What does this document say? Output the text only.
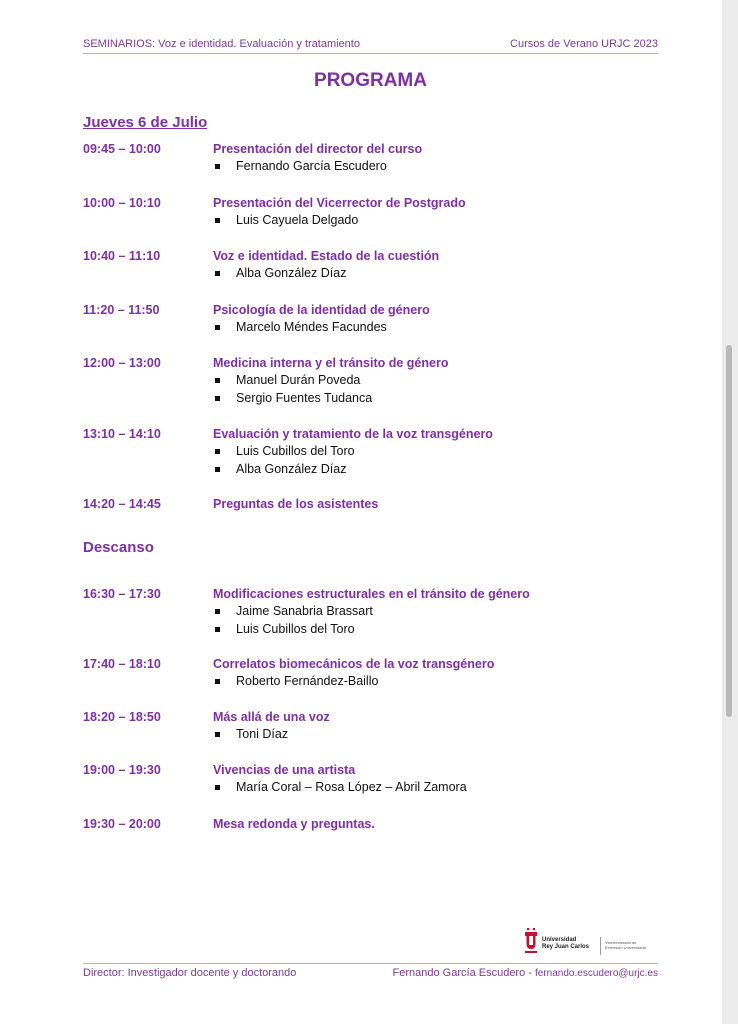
SEMINARIOS: Voz e identidad. Evaluación y tratamiento	Cursos de Verano URJC 2023
PROGRAMA
Jueves 6 de Julio
09:45 – 10:00	Presentación del director del curso
Fernando García Escudero
10:00 – 10:10	Presentación del Vicerrector de Postgrado
Luis Cayuela Delgado
10:40 – 11:10	Voz e identidad. Estado de la cuestión
Alba González Díaz
11:20 – 11:50	Psicología de la identidad de género
Marcelo Méndes Facundes
12:00 – 13:00	Medicina interna y el tránsito de género
Manuel Durán Poveda
Sergio Fuentes Tudanca
13:10 – 14:10	Evaluación y tratamiento de la voz transgénero
Luis Cubillos del Toro
Alba González Díaz
14:20 – 14:45	Preguntas de los asistentes
Descanso
16:30 – 17:30	Modificaciones estructurales en el tránsito de género
Jaime Sanabria Brassart
Luis Cubillos del Toro
17:40 – 18:10	Correlatos biomecánicos de la voz transgénero
Roberto Fernández-Baillo
18:20 – 18:50	Más allá de una voz
Toni Díaz
19:00 – 19:30	Vivencias de una artista
María Coral – Rosa López – Abril Zamora
19:30 – 20:00	Mesa redonda y preguntas.
Universidad
Rey Juan Carlos
Vicerrectorado de
Extensión Universitaria
Director: Investigador docente y doctorando	Fernando García Escudero - fernando.escudero@urjc.es
